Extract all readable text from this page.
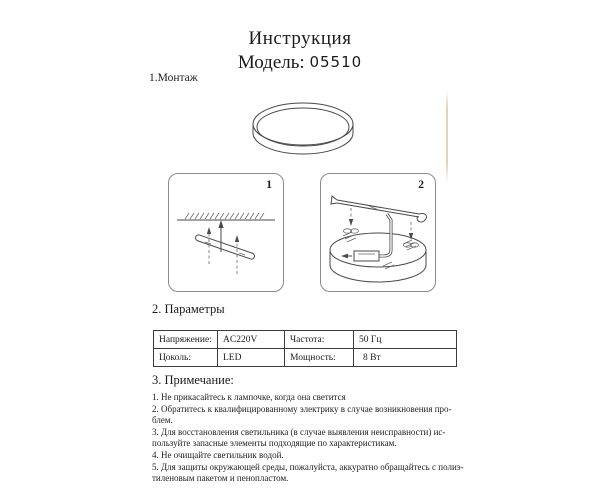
Инструкция
Модель: 05510
1.Монтаж
1	2
2. Параметры
Напряжение:	AC220V	Частота:	50 Гц
Цоколь:	LED	Мощность:	8 Вт
3. Примечание:
1. Не прикасайтесь к лампочке, когда она светится
2. Обратитесь к квалифицированному электрику в случае возникновения про-
блем.
3. Для восстановления светильника (в случае выявления неисправности) ис-
пользуйте запасные элементы подходящие по характеристикам.
4. Не очищайте светильник водой.
5. Для защиты окружающей среды, пожалуйста, аккуратно обращайтесь с полиэ-
тиленовым пакетом и пенопластом.
